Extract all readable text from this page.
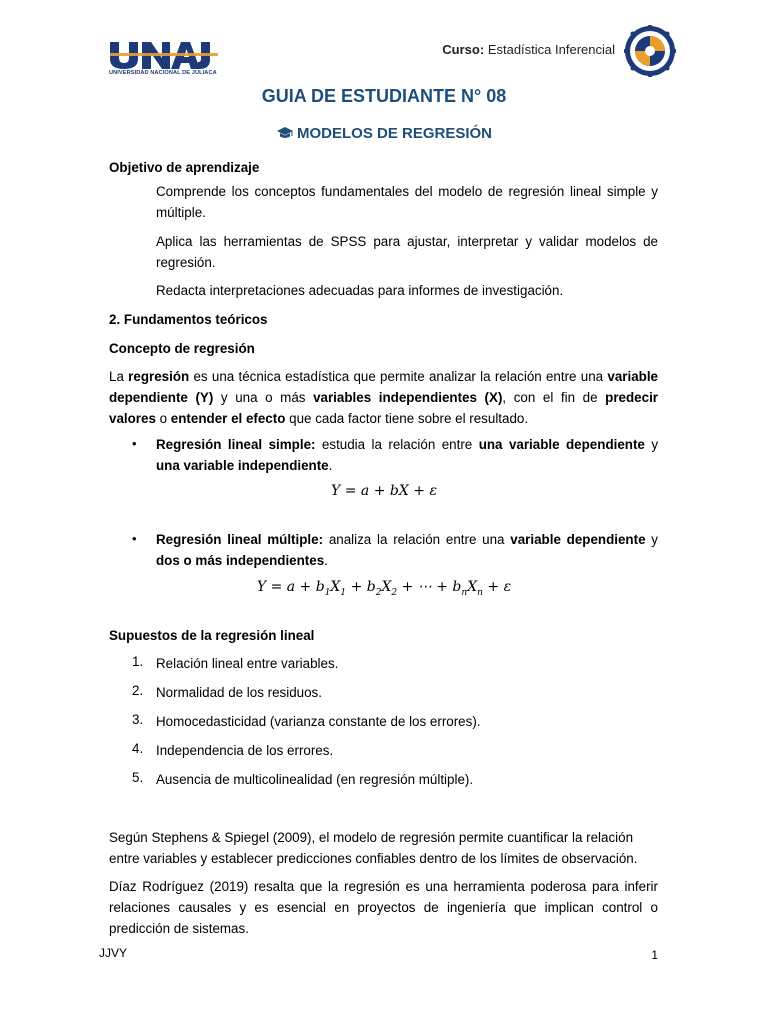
UNIVERSIDAD NACIONAL DE JULIACA
Curso: Estadística Inferencial
GUIA DE ESTUDIANTE N° 08
MODELOS DE REGRESIÓN
Objetivo de aprendizaje
Comprende los conceptos fundamentales del modelo de regresión lineal simple y múltiple.
Aplica las herramientas de SPSS para ajustar, interpretar y validar modelos de regresión.
Redacta interpretaciones adecuadas para informes de investigación.
2. Fundamentos teóricos
Concepto de regresión
La regresión es una técnica estadística que permite analizar la relación entre una variable dependiente (Y) y una o más variables independientes (X), con el fin de predecir valores o entender el efecto que cada factor tiene sobre el resultado.
• Regresión lineal simple: estudia la relación entre una variable dependiente y una variable independiente.
Y = a + bX + ε
• Regresión lineal múltiple: analiza la relación entre una variable dependiente y dos o más independientes.
$Y = a + b_1X_1 + b_2X_2$ + ⋯ + $b_nX_n + \varepsilon$
Supuestos de la regresión lineal
1. Relación lineal entre variables.
2. Normalidad de los residuos.
3. Homocedasticidad (varianza constante de los errores).
4. Independencia de los errores.
5. Ausencia de multicolinealidad (en regresión múltiple).
Según Stephens & Spiegel (2009), el modelo de regresión permite cuantificar la relación entre variables y establecer predicciones confiables dentro de los límites de observación.
Díaz Rodríguez (2019) resalta que la regresión es una herramienta poderosa para inferir relaciones causales y es esencial en proyectos de ingeniería que implican control o predicción de sistemas.
JJVY	1
